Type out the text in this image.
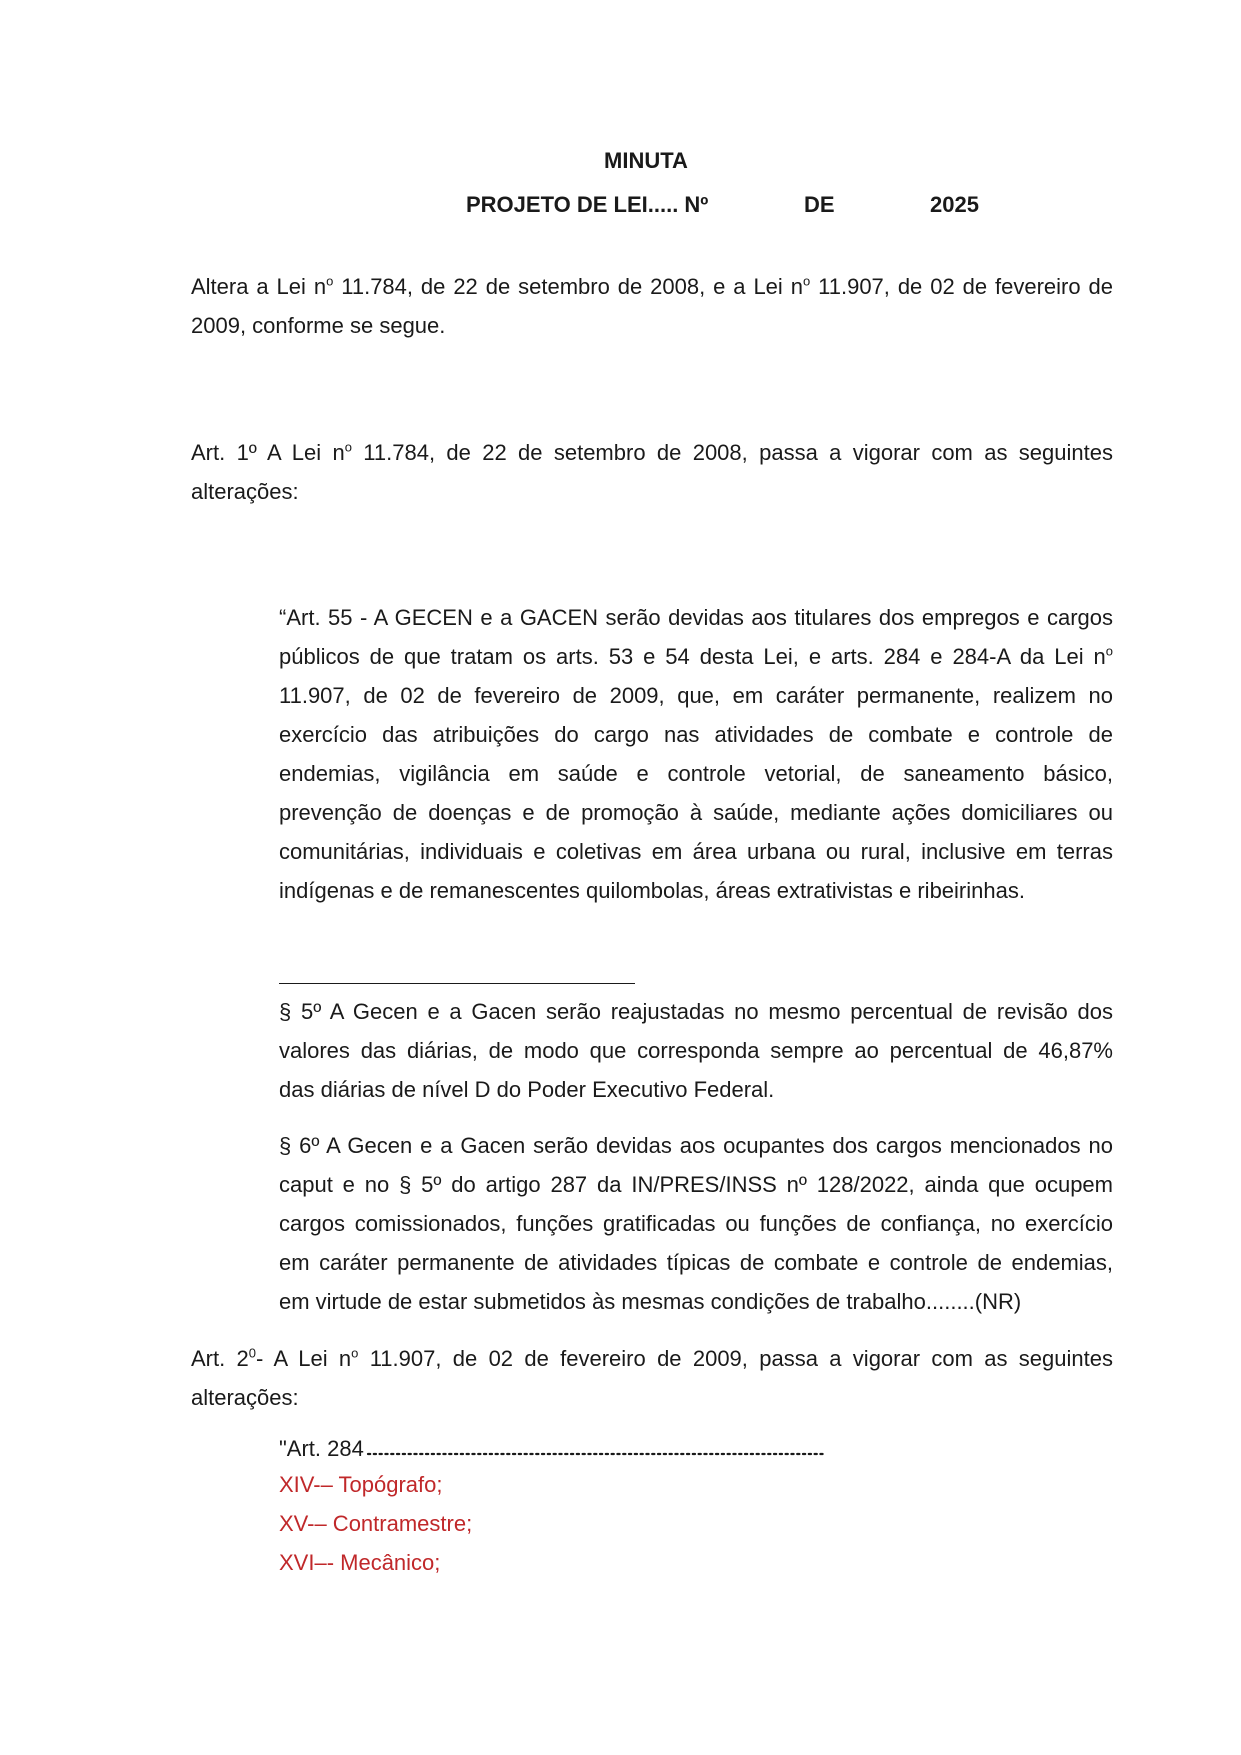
MINUTA
PROJETO DE LEI..... Nº	DE	2025
Altera a Lei $n^o$ 11.784, de 22 de setembro de 2008, e a Lei $n^o$ 11.907, de 02 de fevereiro de
2009, conforme se segue.
Art. 1º A Lei $n^o$ 11.784, de 22 de setembro de 2008, passa a vigorar com as seguintes
alterações:
“Art. 55 - A GECEN e a GACEN serão devidas aos titulares dos empregos e cargos
públicos de que tratam os arts. 53 e 54 desta Lei, e arts. 284 e 284-A da Lei $n^o$
11.907, de 02 de fevereiro de 2009, que, em caráter permanente, realizem no
exercício das atribuições do cargo nas atividades de combate e controle de
endemias, vigilância em saúde e controle vetorial, de saneamento básico,
prevenção de doenças e de promoção à saúde, mediante ações domiciliares ou
comunitárias, individuais e coletivas em área urbana ou rural, inclusive em terras
indígenas e de remanescentes quilombolas, áreas extrativistas e ribeirinhas.
§ 5º A Gecen e a Gacen serão reajustadas no mesmo percentual de revisão dos
valores das diárias, de modo que corresponda sempre ao percentual de 46,87%
das diárias de nível D do Poder Executivo Federal.
§ 6º A Gecen e a Gacen serão devidas aos ocupantes dos cargos mencionados no
caput e no § 5º do artigo 287 da IN/PRES/INSS nº 128/2022, ainda que ocupem
cargos comissionados, funções gratificadas ou funções de confiança, no exercício
em caráter permanente de atividades típicas de combate e controle de endemias,
em virtude de estar submetidos às mesmas condições de trabalho........(NR)
Art. $2^0-$ A Lei $n^o$ 11.907, de 02 de fevereiro de 2009, passa a vigorar com as seguintes
alterações:
"Art. 284
XIV-– Topógrafo;
XV-– Contramestre;
XVI–- Mecânico;
